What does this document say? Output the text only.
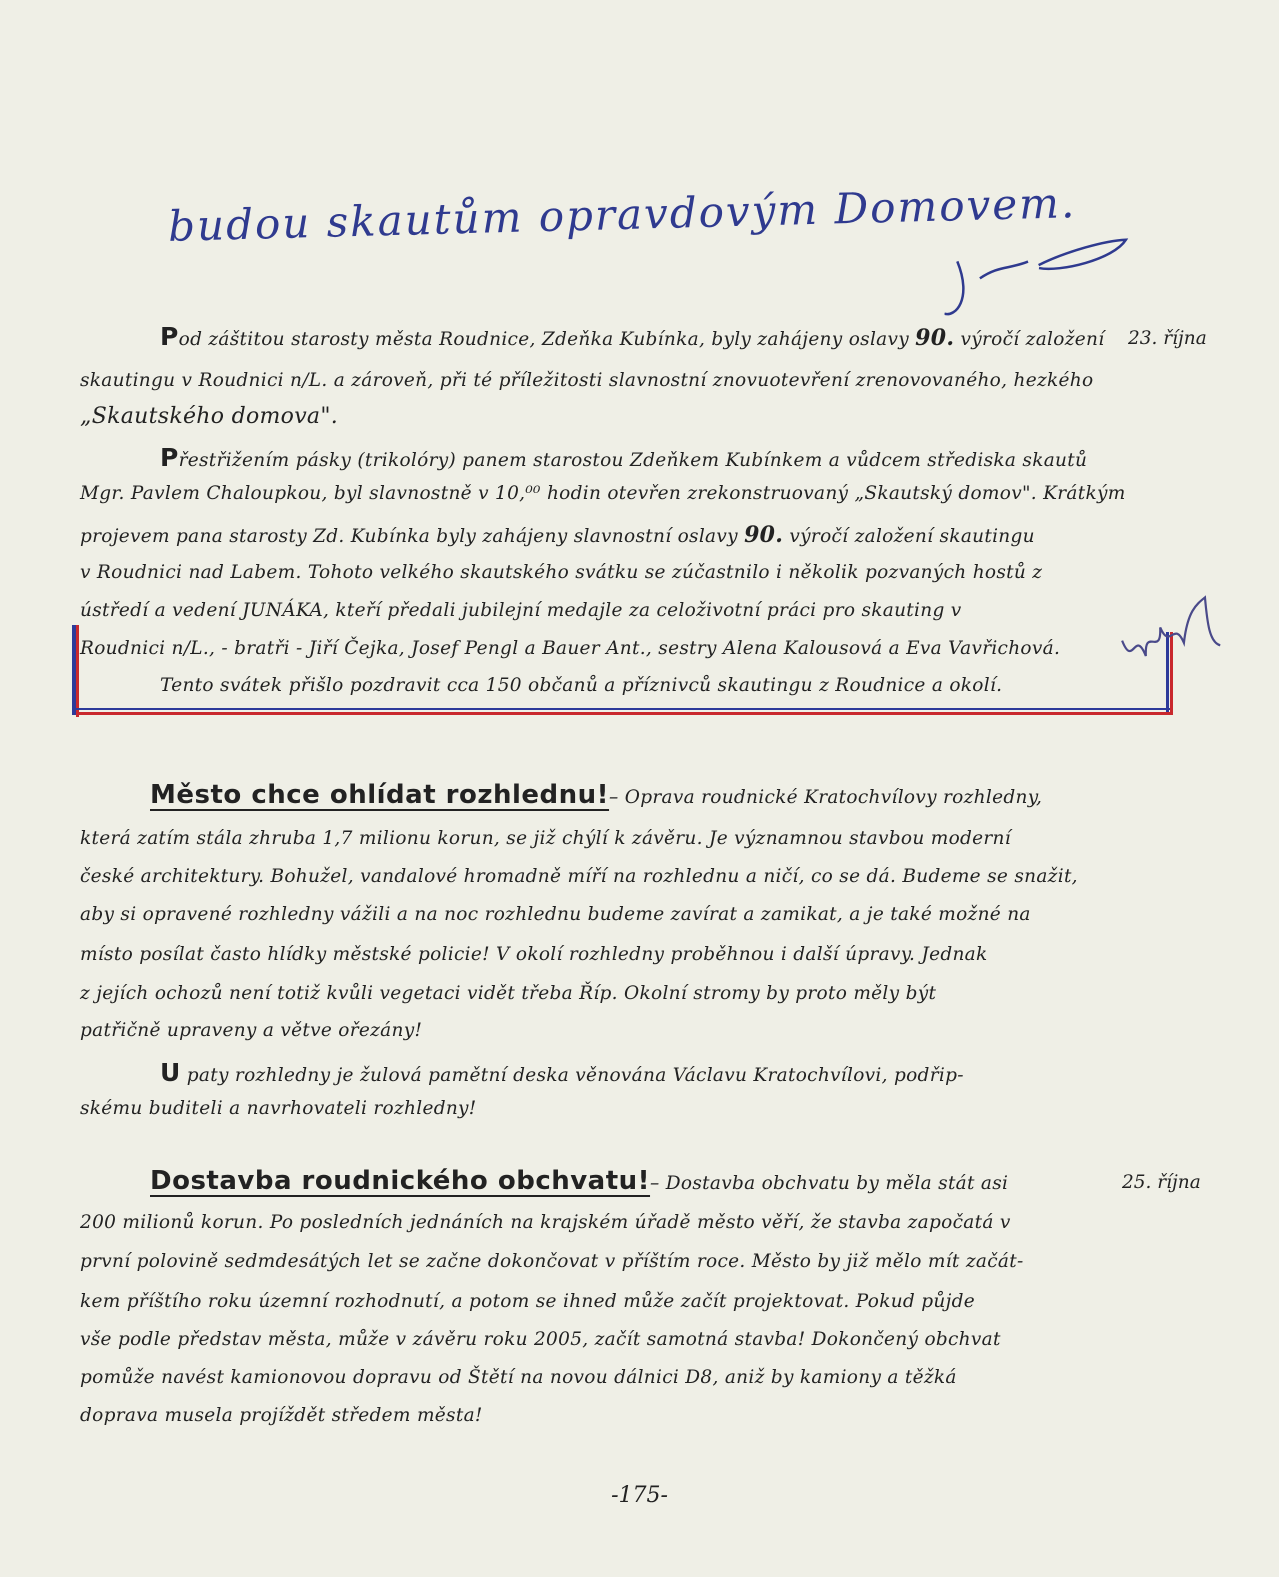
budou skautům opravdovým Domovem.
Pod záštitou starosty města Roudnice, Zdeňka Kubínka, byly zahájeny oslavy 90. výročí založení	23. října
skautingu v Roudnici n/L. a zároveň, při té příležitosti slavnostní znovuotevření zrenovovaného, hezkého
„Skautského domova".
Přestřižením pásky (trikolóry) panem starostou Zdeňkem Kubínkem a vůdcem střediska skautů
Mgr. Pavlem Chaloupkou, byl slavnostně v 10,⁰⁰ hodin otevřen zrekonstruovaný „Skautský domov". Krátkým
projevem pana starosty Zd. Kubínka byly zahájeny slavnostní oslavy 90. výročí založení skautingu
v Roudnici nad Labem. Tohoto velkého skautského svátku se zúčastnilo i několik pozvaných hostů z
ústředí a vedení JUNÁKA, kteří předali jubilejní medajle za celoživotní práci pro skauting v
Roudnici n/L., - bratři - Jiří Čejka, Josef Pengl a Bauer Ant., sestry Alena Kalousová a Eva Vavřichová.
Tento svátek přišlo pozdravit cca 150 občanů a příznivců skautingu z Roudnice a okolí.
Město chce ohlídat rozhlednu!– Oprava roudnické Kratochvílovy rozhledny,
která zatím stála zhruba 1,7 milionu korun, se již chýlí k závěru. Je významnou stavbou moderní
české architektury. Bohužel, vandalové hromadně míří na rozhlednu a ničí, co se dá. Budeme se snažit,
aby si opravené rozhledny vážili a na noc rozhlednu budeme zavírat a zamikat, a je také možné na
místo posílat často hlídky městské policie! V okolí rozhledny proběhnou i další úpravy. Jednak
z jejích ochozů není totiž kvůli vegetaci vidět třeba Říp. Okolní stromy by proto měly být
patřičně upraveny a větve ořezány!
U paty rozhledny je žulová pamětní deska věnována Václavu Kratochvílovi, podřip-
skému buditeli a navrhovateli rozhledny!
Dostavba roudnického obchvatu!– Dostavba obchvatu by měla stát asi	25. října
200 milionů korun. Po posledních jednáních na krajském úřadě město věří, že stavba započatá v
první polovině sedmdesátých let se začne dokončovat v příštím roce. Město by již mělo mít začát-
kem příštího roku územní rozhodnutí, a potom se ihned může začít projektovat. Pokud půjde
vše podle představ města, může v závěru roku 2005, začít samotná stavba! Dokončený obchvat
pomůže navést kamionovou dopravu od Štětí na novou dálnici D8, aniž by kamiony a těžká
doprava musela projíždět středem města!
-175-
